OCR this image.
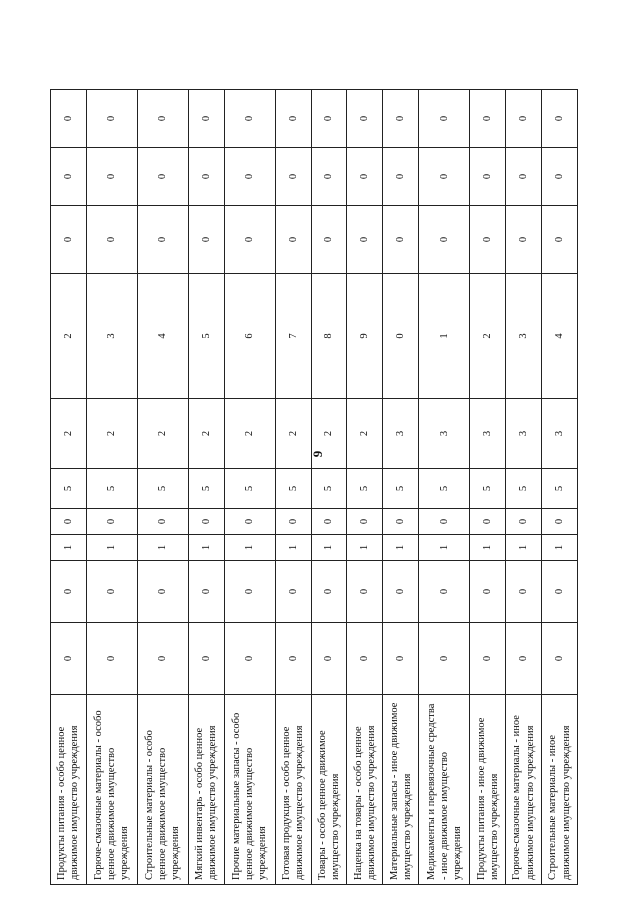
9
Продукты питания - особо ценное движимое имущество учреждения	0	0	1	0	5	2	2	0	0	0
Горюче-смазочные материалы - особо ценное движимое имущество учреждения	0	0	1	0	5	2	3	0	0	0
Строительные материалы - особо ценное движимое имущество учреждения	0	0	1	0	5	2	4	0	0	0
Мягкий инвентарь - особо ценное движимое имущество учреждения	0	0	1	0	5	2	5	0	0	0
Прочие материальные запасы - особо ценное движимое имущество учреждения	0	0	1	0	5	2	6	0	0	0
Готовая продукция - особо ценное движимое имущество учреждения	0	0	1	0	5	2	7	0	0	0
Товары - особо ценное движимое имущество учреждения	0	0	1	0	5	2	8	0	0	0
Наценка на товары - особо ценное движимое имущество учреждения	0	0	1	0	5	2	9	0	0	0
Материальные запасы - иное движимое имущество учреждения	0	0	1	0	5	3	0	0	0	0
Медикаменты и перевязочные средства - иное движимое имущество учреждения	0	0	1	0	5	3	1	0	0	0
Продукты питания - иное движимое имущество учреждения	0	0	1	0	5	3	2	0	0	0
Горюче-смазочные материалы - иное движимое имущество учреждения	0	0	1	0	5	3	3	0	0	0
Строительные материалы - иное движимое имущество учреждения	0	0	1	0	5	3	4	0	0	0
